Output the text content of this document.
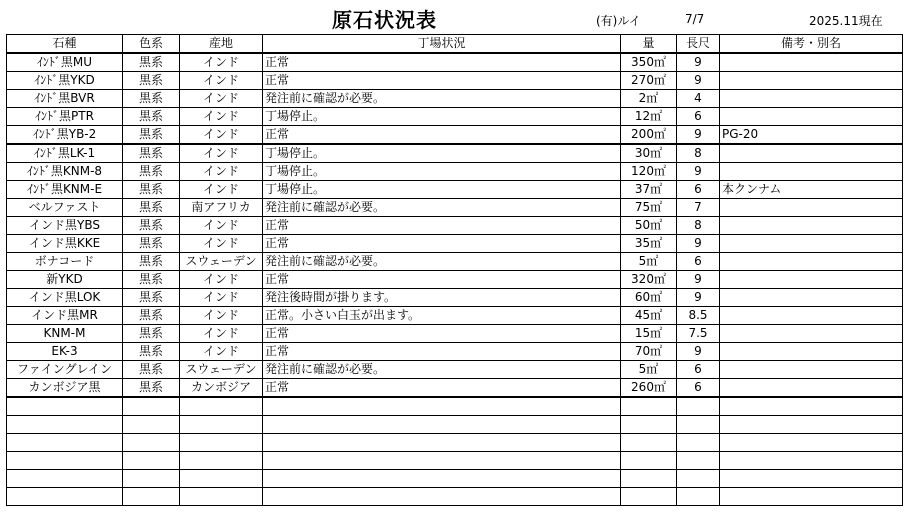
原石状況表	(有)ルイ	7/7	2025.11現在
石種	色系	産地	丁場状況	量	長尺	備考・別名
ｲﾝﾄﾞ黒MU	黒系	インド	正常	350㎡	9	
ｲﾝﾄﾞ黒YKD	黒系	インド	正常	270㎡	9	
ｲﾝﾄﾞ黒BVR	黒系	インド	発注前に確認が必要。	2㎡	4	
ｲﾝﾄﾞ黒PTR	黒系	インド	丁場停止。	12㎡	6	
ｲﾝﾄﾞ黒YB-2	黒系	インド	正常	200㎡	9	PG-20
ｲﾝﾄﾞ黒LK-1	黒系	インド	丁場停止。	30㎡	8	
ｲﾝﾄﾞ黒KNM-8	黒系	インド	丁場停止。	120㎡	9	
ｲﾝﾄﾞ黒KNM-E	黒系	インド	丁場停止。	37㎡	6	本クンナム
ベルファスト	黒系	南アフリカ	発注前に確認が必要。	75㎡	7	
インド黒YBS	黒系	インド	正常	50㎡	8	
インド黒KKE	黒系	インド	正常	35㎡	9	
ボナコード	黒系	スウェーデン	発注前に確認が必要。	5㎡	6	
新YKD	黒系	インド	正常	320㎡	9	
インド黒LOK	黒系	インド	発注後時間が掛ります。	60㎡	9	
インド黒MR	黒系	インド	正常。小さい白玉が出ます。	45㎡	8.5	
KNM-M	黒系	インド	正常	15㎡	7.5	
EK-3	黒系	インド	正常	70㎡	9	
ファイングレイン	黒系	スウェーデン	発注前に確認が必要。	5㎡	6	
カンボジア黒	黒系	カンボジア	正常	260㎡	6	
